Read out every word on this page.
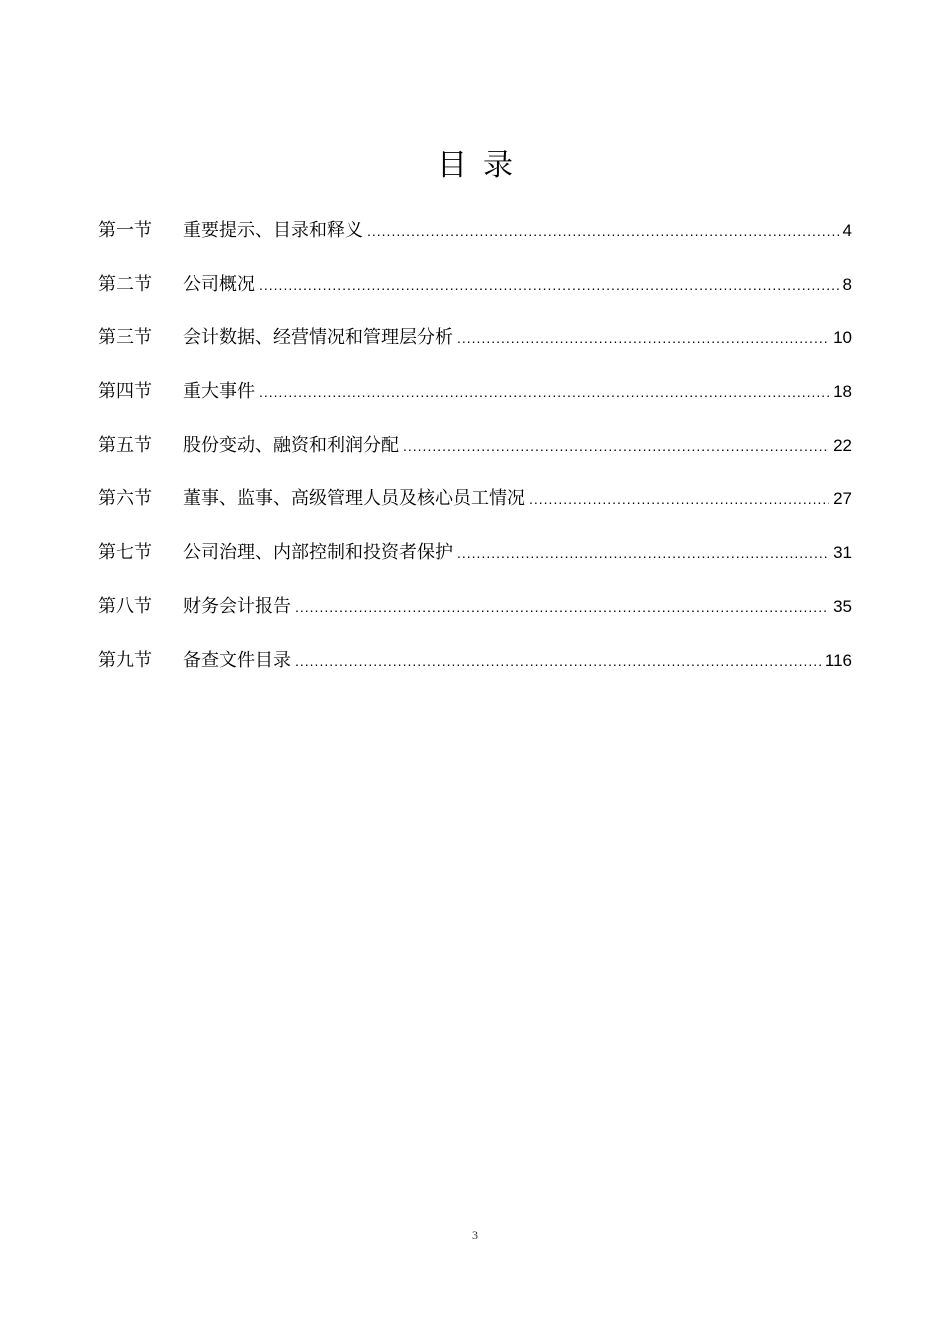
目录
第一节	重要提示、目录和释义 .....	4
第二节	公司概况 .....	8
第三节	会计数据、经营情况和管理层分析 .....	10
第四节	重大事件 .....	18
第五节	股份变动、融资和利润分配 .....	22
第六节	董事、监事、高级管理人员及核心员工情况 .....	27
第七节	公司治理、内部控制和投资者保护 .....	31
第八节	财务会计报告 .....	35
第九节	备查文件目录 .....	116
3
